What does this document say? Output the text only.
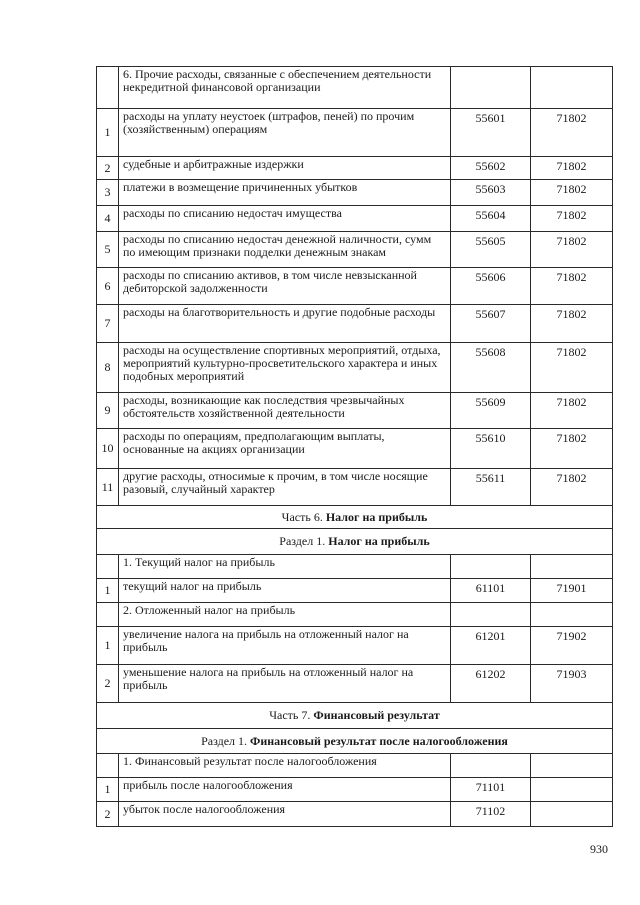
	6. Прочие расходы, связанные с обеспечением деятельности некредитной финансовой организации		
1	расходы на уплату неустоек (штрафов, пеней) по прочим (хозяйственным) операциям	55601	71802
2	судебные и арбитражные издержки	55602	71802
3	платежи в возмещение причиненных убытков	55603	71802
4	расходы по списанию недостач имущества	55604	71802
5	расходы по списанию недостач денежной наличности, сумм по имеющим признаки подделки денежным знакам	55605	71802
6	расходы по списанию активов, в том числе невзысканной дебиторской задолженности	55606	71802
7	расходы на благотворительность и другие подобные расходы	55607	71802
8	расходы на осуществление спортивных мероприятий, отдыха, мероприятий культурно-просветительского характера и иных подобных мероприятий	55608	71802
9	расходы, возникающие как последствия чрезвычайных обстоятельств хозяйственной деятельности	55609	71802
10	расходы по операциям, предполагающим выплаты, основанные на акциях организации	55610	71802
11	другие расходы, относимые к прочим, в том числе носящие разовый, случайный характер	55611	71802
Часть 6. Налог на прибыль			
Раздел 1. Налог на прибыль			
	1. Текущий налог на прибыль		
1	текущий налог на прибыль	61101	71901
	2. Отложенный налог на прибыль		
1	увеличение налога на прибыль на отложенный налог на прибыль	61201	71902
2	уменьшение налога на прибыль на отложенный налог на прибыль	61202	71903
Часть 7. Финансовый результат			
Раздел 1. Финансовый результат после налогообложения			
	1. Финансовый результат после налогообложения		
1	прибыль после налогообложения	71101	
2	убыток после налогообложения	71102	
930
